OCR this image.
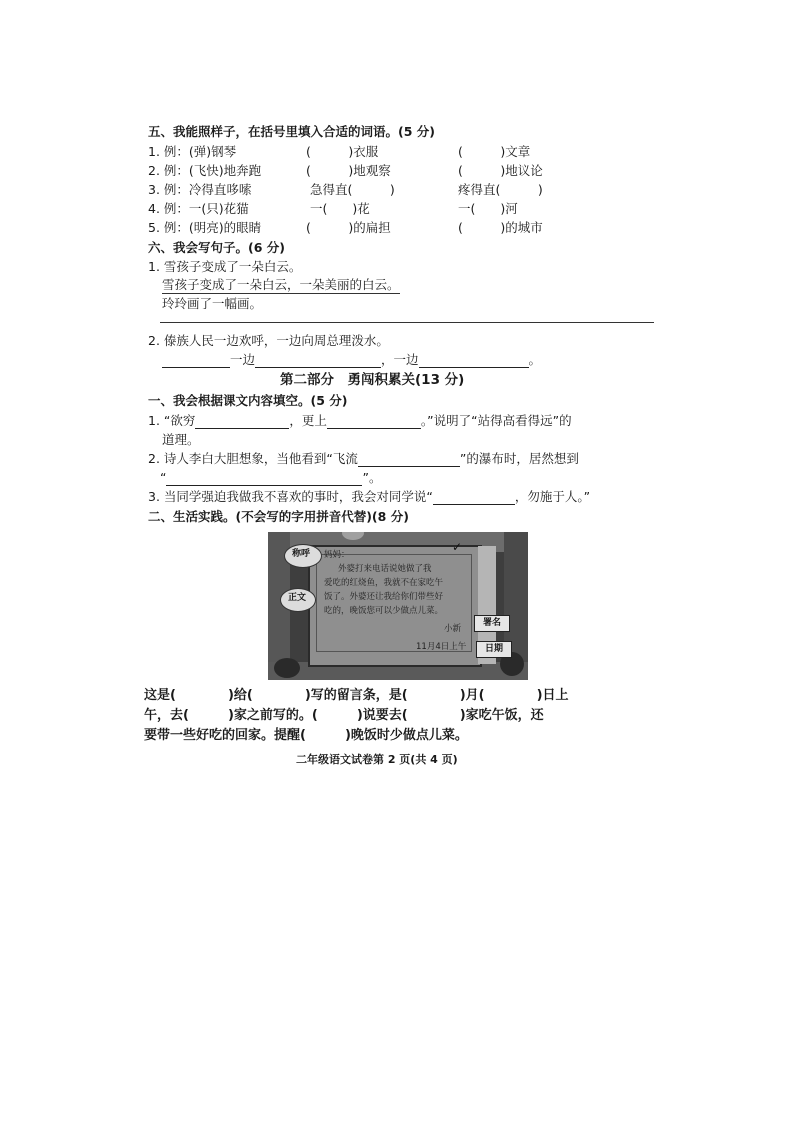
五、我能照样子，在括号里填入合适的词语。(5 分)
1. 例：(弹)钢琴	(　　　)衣服	(　　　)文章
2. 例：(飞快)地奔跑	(　　　)地观察	(　　　)地议论
3. 例：冷得直哆嗦	急得直(　　　)	疼得直(　　　)
4. 例：一(只)花猫	一(　　)花	一(　　)河
5. 例：(明亮)的眼睛	(　　　)的扁担	(　　　)的城市
六、我会写句子。(6 分)
1. 雪孩子变成了一朵白云。
雪孩子变成了一朵白云，一朵美丽的白云。
玲玲画了一幅画。
2. 傣族人民一边欢呼，一边向周总理泼水。
一边	，一边	。
第二部分　勇闯积累关(13 分)
一、我会根据课文内容填空。(5 分)
1. “欲穷	，更上	。”说明了“站得高看得远”的
道理。
2. 诗人李白大胆想象，当他看到“飞流	”的瀑布时，居然想到
“	”。
3. 当同学强迫我做我不喜欢的事时，我会对同学说“	，勿施于人。”
二、生活实践。(不会写的字用拼音代替)(8 分)
✓
称呼
正文
署名
日期
妈妈：
外婆打来电话说她做了我
爱吃的红烧鱼，我就不在家吃午
饭了。外婆还让我给你们带些好
吃的，晚饭您可以少做点儿菜。
小新
11月4日上午
这是(　　　　)给(　　　　)写的留言条，是(　　　　)月(　　　　)日上
午，去(　　　)家之前写的。(　　　)说要去(　　　　)家吃午饭，还
要带一些好吃的回家。提醒(　　　)晚饭时少做点儿菜。
二年级语文试卷第 2 页(共 4 页)
